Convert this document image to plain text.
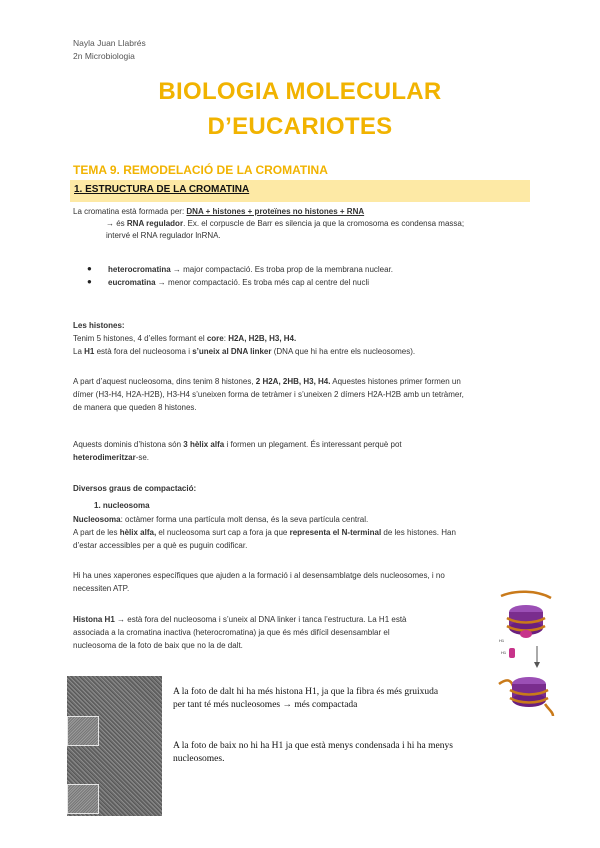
Nayla Juan Llabrés
2n Microbiologia
BIOLOGIA MOLECULAR
D’EUCARIOTES
TEMA 9. REMODELACIÓ DE LA CROMATINA
1. ESTRUCTURA DE LA CROMATINA
La cromatina està formada per: DNA + histones + proteïnes no histones + RNA
→ és RNA regulador. Ex. el corpuscle de Barr es silencia ja que la cromosoma es condensa massa;
intervé el RNA regulador lnRNA.
● heterocromatina → major compactació. Es troba prop de la membrana nuclear.
● eucromatina → menor compactació. Es troba més cap al centre del nucli
Les histones:
Tenim 5 histones, 4 d’elles formant el core: H2A, H2B, H3, H4.
La H1 està fora del nucleosoma i s’uneix al DNA linker (DNA que hi ha entre els nucleosomes).
A part d’aquest nucleosoma, dins tenim 8 histones, 2 H2A, 2HB, H3, H4. Aquestes histones primer formen un
dímer (H3-H4, H2A-H2B), H3-H4 s’uneixen forma de tetràmer i s’uneixen 2 dímers H2A-H2B amb un tetràmer,
de manera que queden 8 histones.
Aquests dominis d’histona són 3 hèlix alfa i formen un plegament. És interessant perquè pot
heterodimeritzar-se.
Diversos graus de compactació:
1. nucleosoma
Nucleosoma: octàmer forma una partícula molt densa, és la seva partícula central.
A part de les hèlix alfa, el nucleosoma surt cap a fora ja que representa el N-terminal de les histones. Han
d’estar accessibles per a què es puguin codificar.
Hi ha unes xaperones específiques que ajuden a la formació i al desensamblatge dels nucleosomes, i no
necessiten ATP.
Histona H1 → està fora del nucleosoma i s’uneix al DNA linker i tanca l’estructura. La H1 està
associada a la cromatina inactiva (heterocromatina) ja que és més difícil desensamblar el
nucleosoma de la foto de baix que no la de dalt.
H1
H1
A la foto de dalt hi ha més histona H1, ja que la fibra és més gruixuda
per tant té més nucleosomes → més compactada
A la foto de baix no hi ha H1 ja que està menys condensada i hi ha menys
nucleosomes.
